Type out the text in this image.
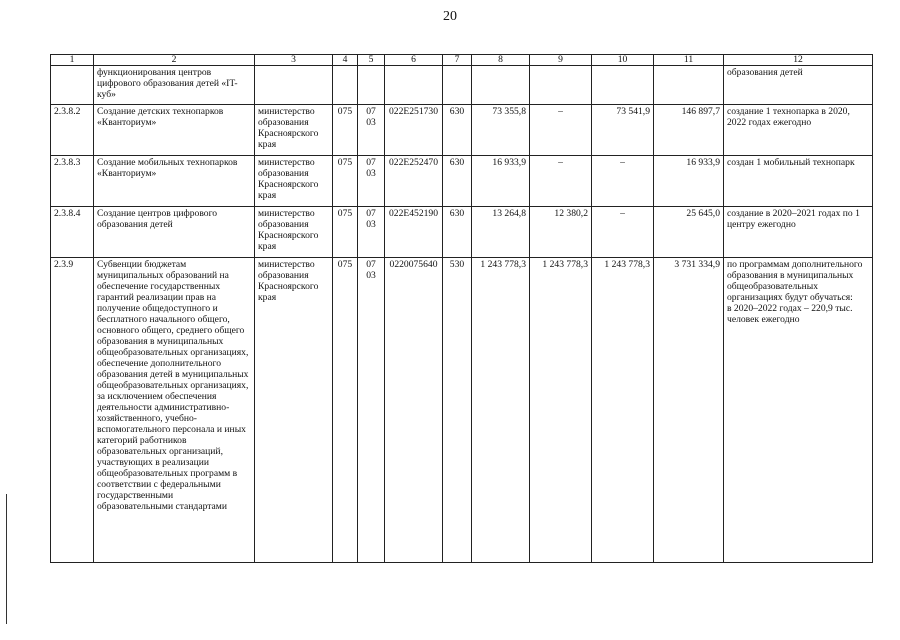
20
1	2	3	4	5	6	7	8	9	10	11	12
	функционирования центров цифрового образования детей «IT-куб»										образования детей
2.3.8.2	Создание детских технопарков «Кванториум»	министерство образования Красноярского края	075	07 03	022Е251730	630	73 355,8	–	73 541,9	146 897,7	создание 1 технопарка в 2020, 2022 годах ежегодно
2.3.8.3	Создание мобильных технопарков «Кванториум»	министерство образования Красноярского края	075	07 03	022Е252470	630	16 933,9	–	–	16 933,9	создан 1 мобильный технопарк
2.3.8.4	Создание центров цифрового образования детей	министерство образования Красноярского края	075	07 03	022Е452190	630	13 264,8	12 380,2	–	25 645,0	создание в 2020–2021 годах по 1 центру ежегодно
2.3.9	Субвенции бюджетам муниципальных образований на обеспечение государственных гарантий реализации прав на получение общедоступного и бесплатного начального общего, основного общего, среднего общего образования в муниципальных общеобразовательных организациях, обеспечение дополнительного образования детей в муниципальных общеобразовательных организациях, за исключением обеспечения деятельности административно-хозяйственного, учебно-вспомогательного персонала и иных категорий работников образовательных организаций, участвующих в реализации общеобразовательных программ в соответствии с федеральными государственными образовательными стандартами	министерство образования Красноярского края	075	07 03	0220075640	530	1 243 778,3	1 243 778,3	1 243 778,3	3 731 334,9	по программам дополнительного образования в муниципальных общеобразовательных организациях будут обучаться:
в 2020–2022 годах – 220,9 тыс. человек ежегодно
